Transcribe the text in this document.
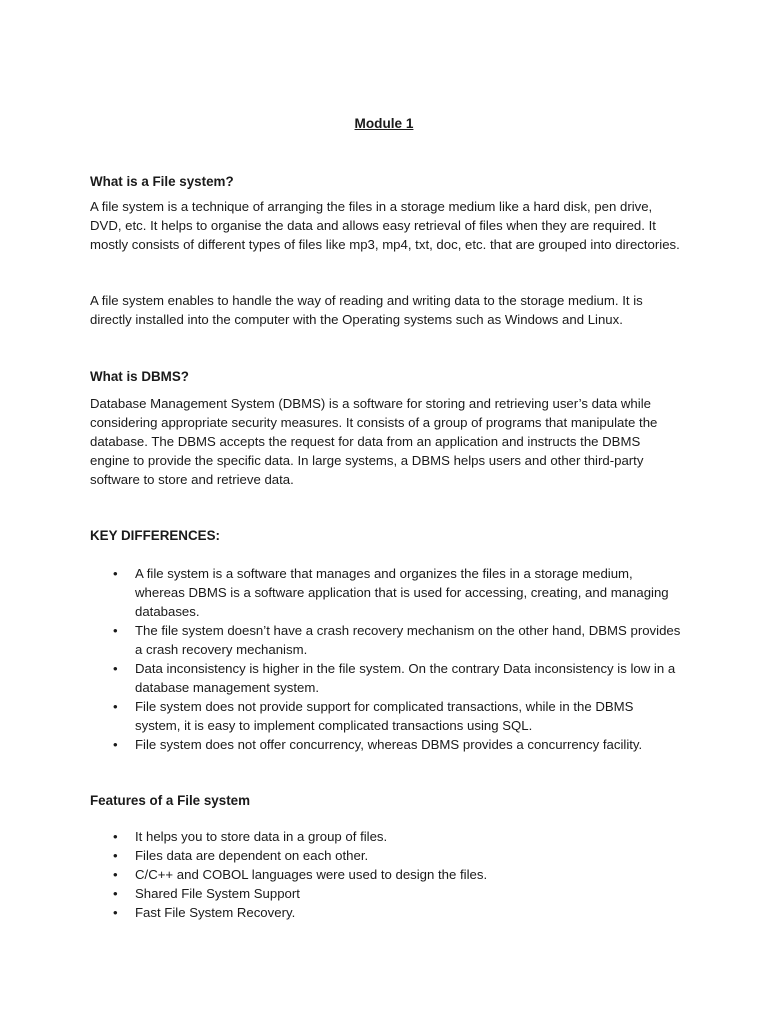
Module 1

What is a File system?

A file system is a technique of arranging the files in a storage medium like a hard disk, pen drive, DVD, etc. It helps to organise the data and allows easy retrieval of files when they are required. It mostly consists of different types of files like mp3, mp4, txt, doc, etc. that are grouped into directories.

A file system enables to handle the way of reading and writing data to the storage medium. It is directly installed into the computer with the Operating systems such as Windows and Linux.

What is DBMS?

Database Management System (DBMS) is a software for storing and retrieving user’s data while considering appropriate security measures. It consists of a group of programs that manipulate the database. The DBMS accepts the request for data from an application and instructs the DBMS engine to provide the specific data. In large systems, a DBMS helps users and other third-party software to store and retrieve data.

KEY DIFFERENCES:

• A file system is a software that manages and organizes the files in a storage medium, whereas DBMS is a software application that is used for accessing, creating, and managing databases.
• The file system doesn’t have a crash recovery mechanism on the other hand, DBMS provides a crash recovery mechanism.
• Data inconsistency is higher in the file system. On the contrary Data inconsistency is low in a database management system.
• File system does not provide support for complicated transactions, while in the DBMS system, it is easy to implement complicated transactions using SQL.
• File system does not offer concurrency, whereas DBMS provides a concurrency facility.

Features of a File system

• It helps you to store data in a group of files.
• Files data are dependent on each other.
• C/C++ and COBOL languages were used to design the files.
• Shared File System Support
• Fast File System Recovery.
